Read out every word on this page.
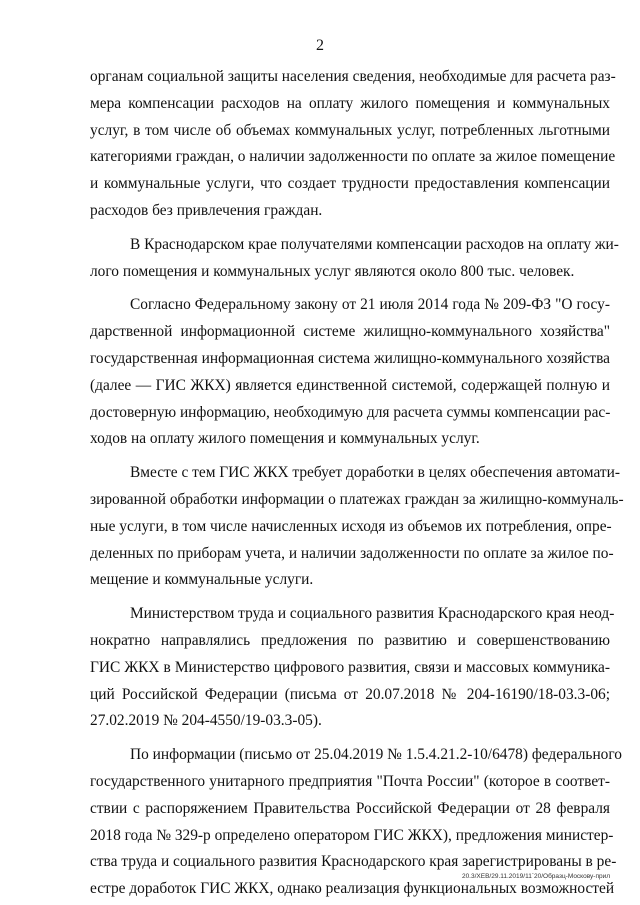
2

органам социальной защиты населения сведения, необходимые для расчета раз-
мера компенсации расходов на оплату жилого помещения и коммунальных
услуг, в том числе об объемах коммунальных услуг, потребленных льготными
категориями граждан, о наличии задолженности по оплате за жилое помещение
и коммунальные услуги, что создает трудности предоставления компенсации
расходов без привлечения граждан.

В Краснодарском крае получателями компенсации расходов на оплату жи-
лого помещения и коммунальных услуг являются около 800 тыс. человек.

Согласно Федеральному закону от 21 июля 2014 года № 209-ФЗ "О госу-
дарственной информационной системе жилищно-коммунального хозяйства"
государственная информационная система жилищно-коммунального хозяйства
(далее — ГИС ЖКХ) является единственной системой, содержащей полную и
достоверную информацию, необходимую для расчета суммы компенсации рас-
ходов на оплату жилого помещения и коммунальных услуг.

Вместе с тем ГИС ЖКХ требует доработки в целях обеспечения автомати-
зированной обработки информации о платежах граждан за жилищно-коммуналь-
ные услуги, в том числе начисленных исходя из объемов их потребления, опре-
деленных по приборам учета, и наличии задолженности по оплате за жилое по-
мещение и коммунальные услуги.

Министерством труда и социального развития Краснодарского края неод-
нократно направлялись предложения по развитию и совершенствованию
ГИС ЖКХ в Министерство цифрового развития, связи и массовых коммуника-
ций Российской Федерации (письма от 20.07.2018 № 204-16190/18-03.3-06;
27.02.2019 № 204-4550/19-03.3-05).

По информации (письмо от 25.04.2019 № 1.5.4.21.2-10/6478) федерального
государственного унитарного предприятия "Почта России" (которое в соответ-
ствии с распоряжением Правительства Российской Федерации от 28 февраля
2018 года № 329-р определено оператором ГИС ЖКХ), предложения министер-
ства труда и социального развития Краснодарского края зарегистрированы в ре-
естре доработок ГИС ЖКХ, однако реализация функциональных возможностей

20.3/ХЕВ/29.11.2019/11`20/Образц-Москову-прил
